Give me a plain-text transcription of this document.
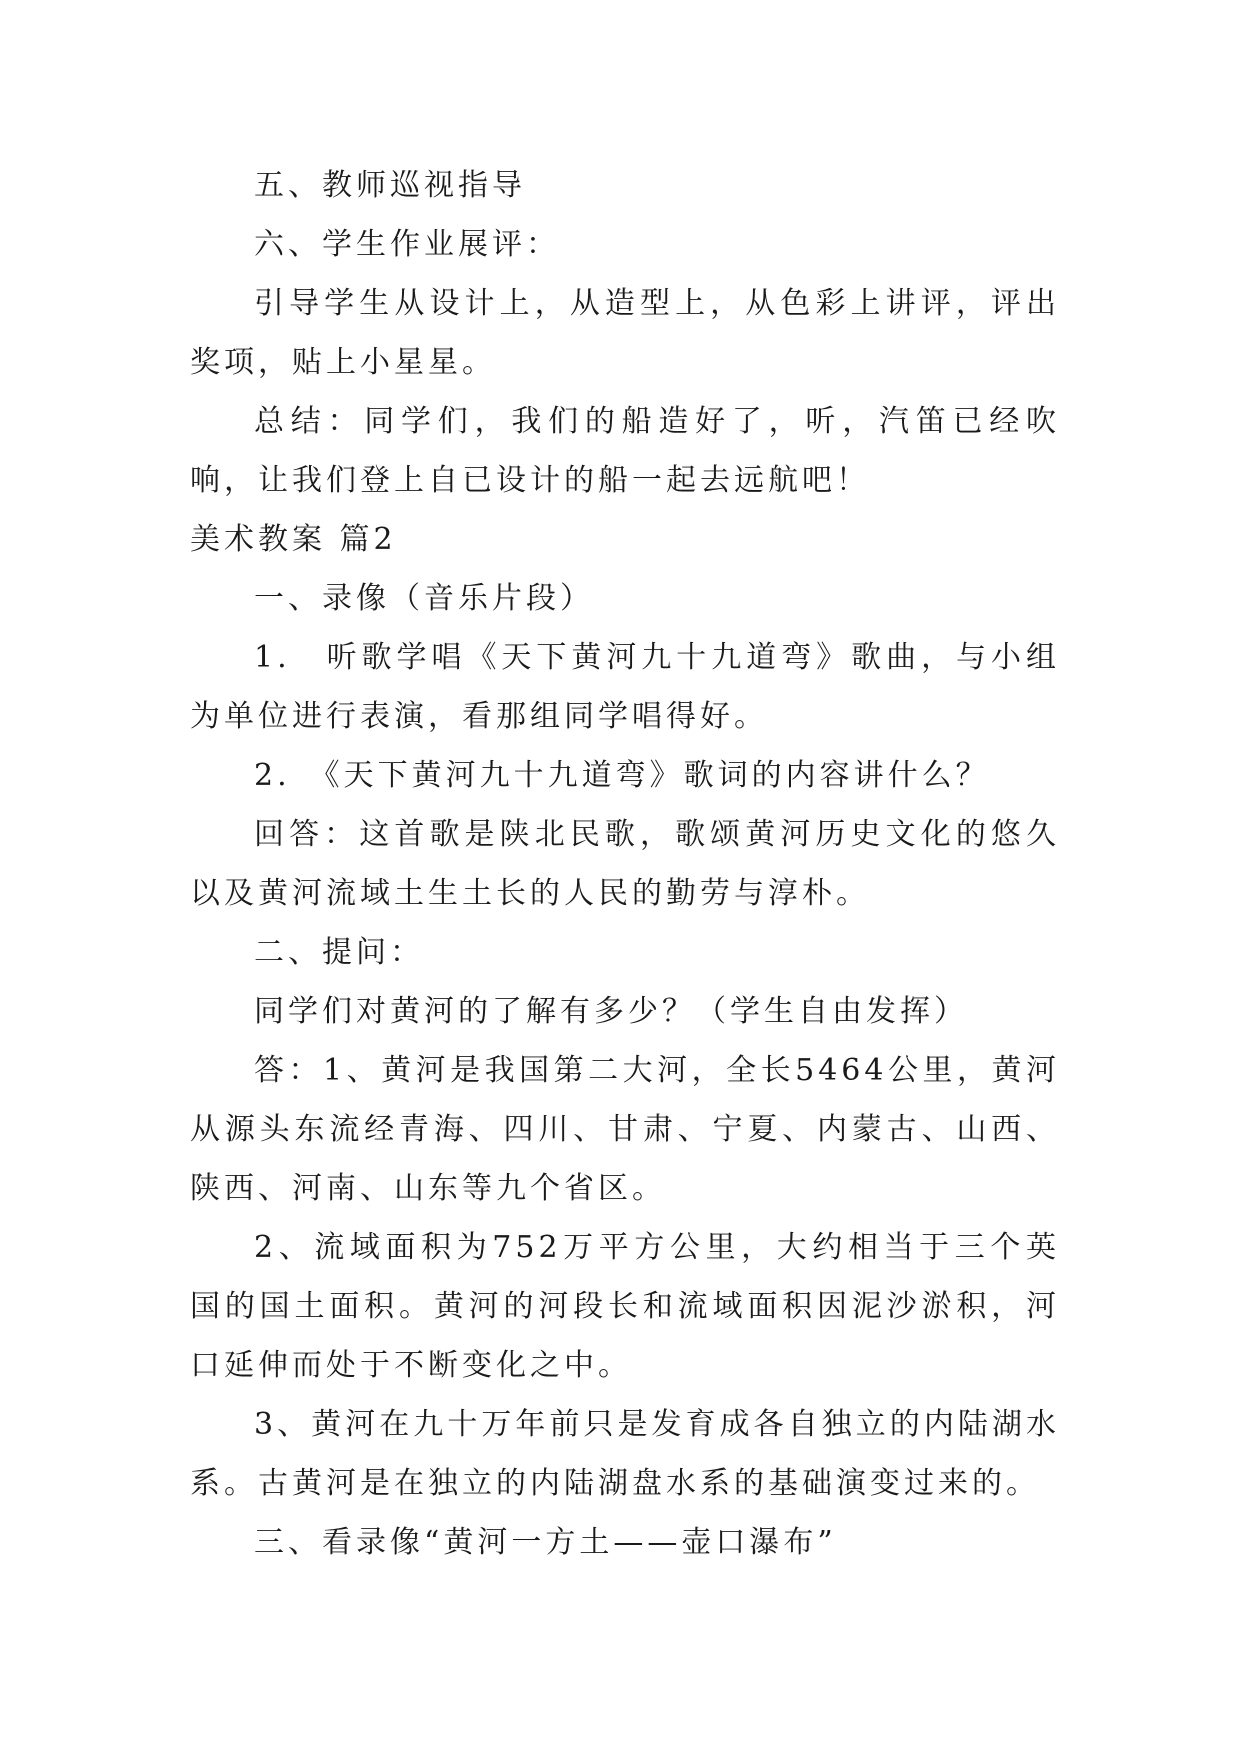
五、教师巡视指导

六、学生作业展评：

引导学生从设计上，从造型上，从色彩上讲评，评出奖项，贴上小星星。

总结：同学们，我们的船造好了，听，汽笛已经吹响，让我们登上自已设计的船一起去远航吧！

美术教案 篇2

一、录像（音乐片段）

1.　听歌学唱《天下黄河九十九道弯》歌曲，与小组为单位进行表演，看那组同学唱得好。

2.　《天下黄河九十九道弯》歌词的内容讲什么？

回答：这首歌是陕北民歌，歌颂黄河历史文化的悠久以及黄河流域土生土长的人民的勤劳与淳朴。

二、提问：

同学们对黄河的了解有多少？（学生自由发挥）

答：1、黄河是我国第二大河，全长5464公里，黄河从源头东流经青海、四川、甘肃、宁夏、内蒙古、山西、陕西、河南、山东等九个省区。

2、流域面积为752万平方公里，大约相当于三个英国的国土面积。黄河的河段长和流域面积因泥沙淤积，河口延伸而处于不断变化之中。

3、黄河在九十万年前只是发育成各自独立的内陆湖水系。古黄河是在独立的内陆湖盘水系的基础演变过来的。

三、看录像“黄河一方土——壶口瀑布”
